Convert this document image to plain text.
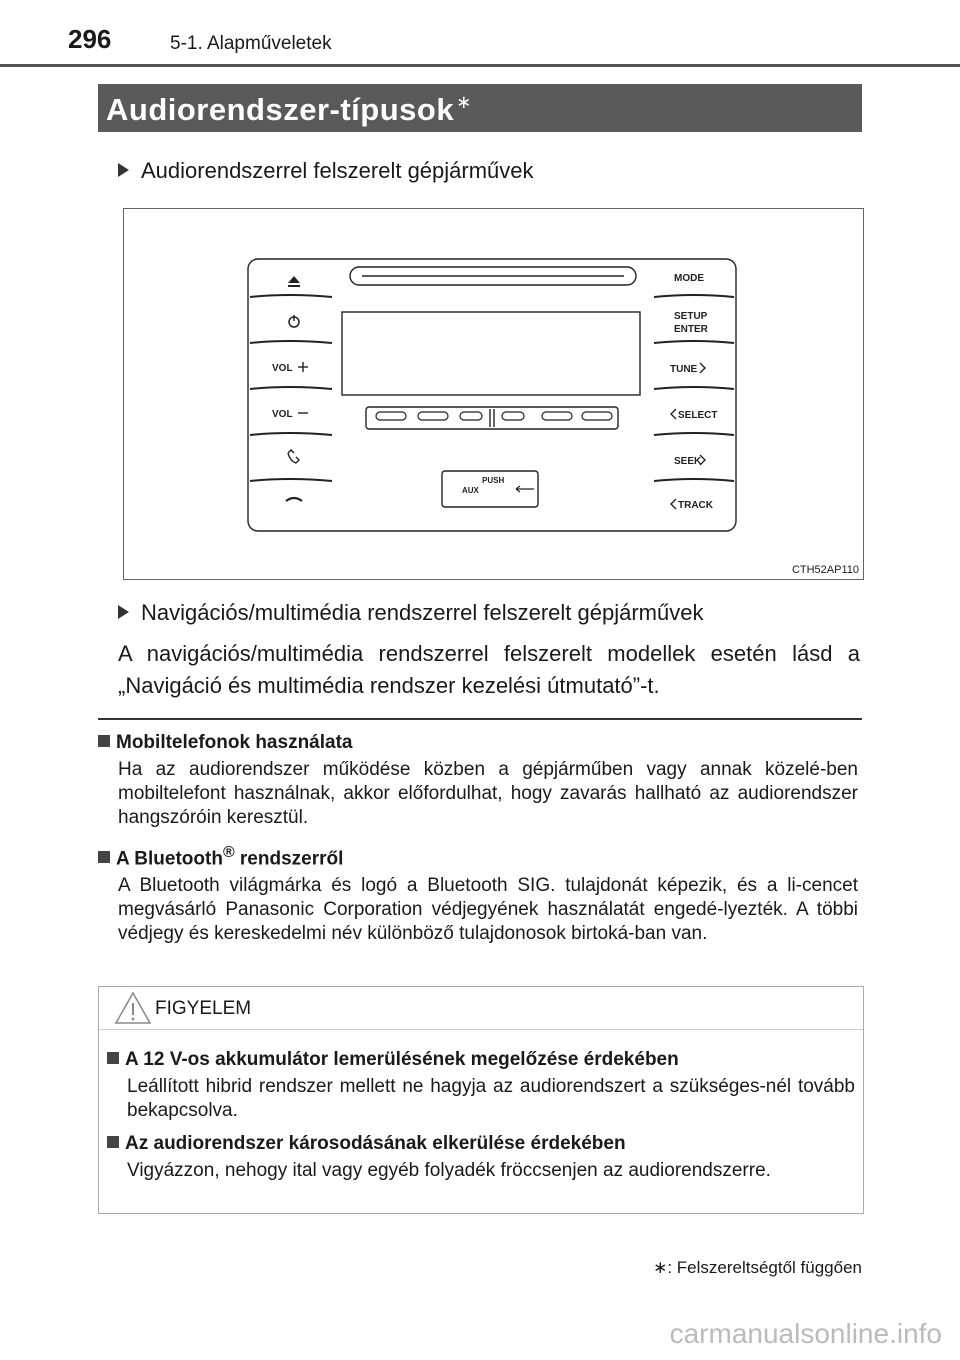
296	5-1. Alapműveletek
Audiorendszer-típusok ∗
Audiorendszerrel felszerelt gépjárművek
VOL
VOL
MODE
SETUP
ENTER
TUNE
SELECT
SEEK
TRACK
PUSH
AUX
CTH52AP110
Navigációs/multimédia rendszerrel felszerelt gépjárművek
A navigációs/multimédia rendszerrel felszerelt modellek esetén lásd a „Navigáció és multimédia rendszer kezelési útmutató”-t.
Mobiltelefonok használata
Ha az audiorendszer működése közben a gépjárműben vagy annak közelé-ben mobiltelefont használnak, akkor előfordulhat, hogy zavarás hallható az audiorendszer hangszóróin keresztül.
A Bluetooth® rendszerről
A Bluetooth világmárka és logó a Bluetooth SIG. tulajdonát képezik, és a li-cencet megvásárló Panasonic Corporation védjegyének használatát engedé-lyezték. A többi védjegy és kereskedelmi név különböző tulajdonosok birtoká-ban van.
FIGYELEM
A 12 V-os akkumulátor lemerülésének megelőzése érdekében
Leállított hibrid rendszer mellett ne hagyja az audiorendszert a szükséges-nél tovább bekapcsolva.
Az audiorendszer károsodásának elkerülése érdekében
Vigyázzon, nehogy ital vagy egyéb folyadék fröccsenjen az audiorendszerre.
∗: Felszereltségtől függően
carmanualsonline.info
